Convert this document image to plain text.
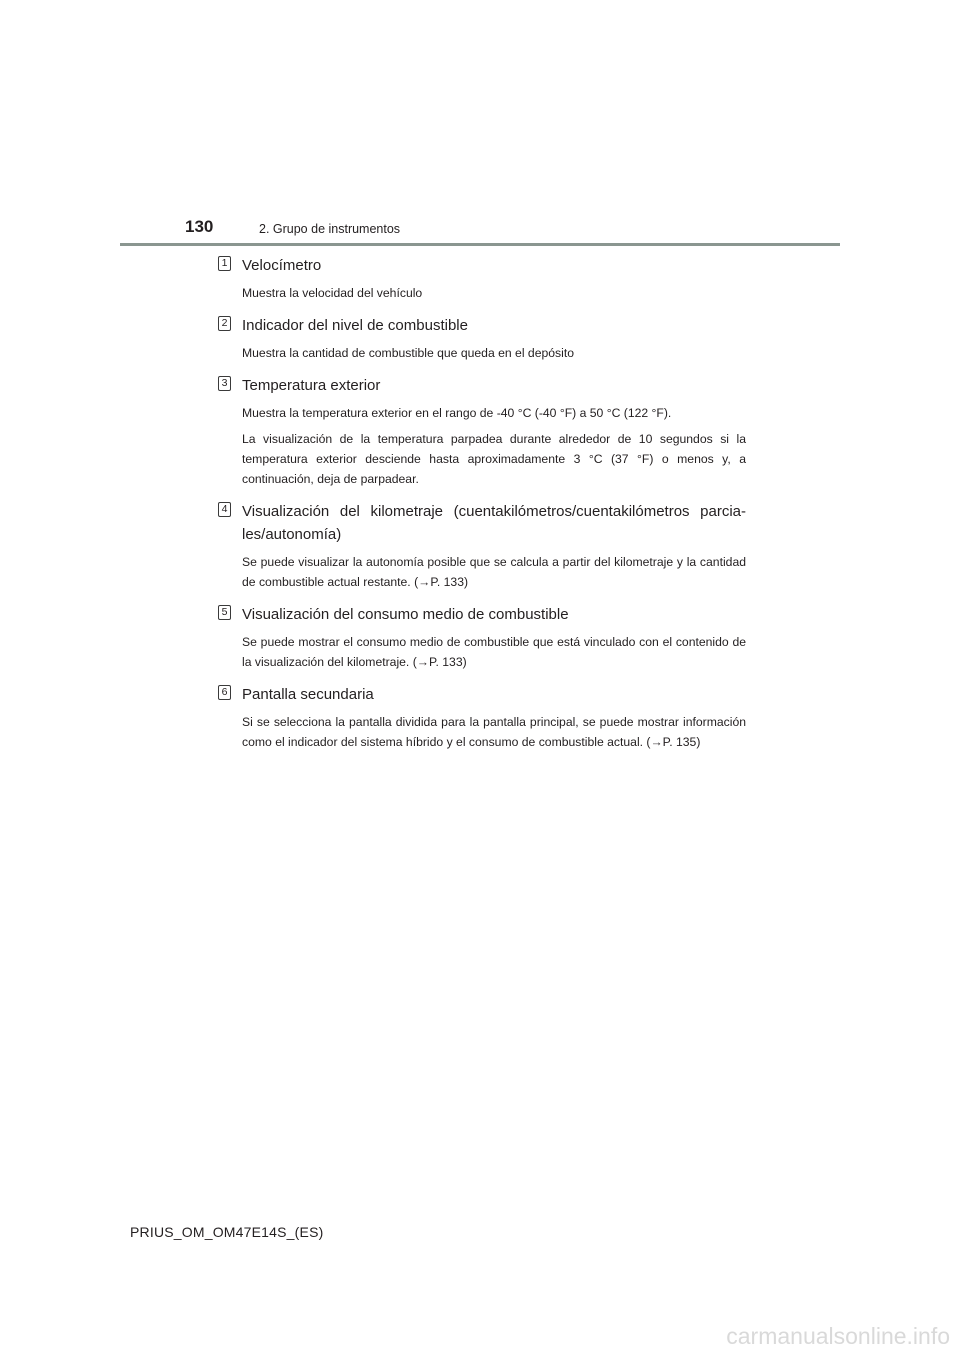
130	2. Grupo de instrumentos
1 Velocímetro
Muestra la velocidad del vehículo
2 Indicador del nivel de combustible
Muestra la cantidad de combustible que queda en el depósito
3 Temperatura exterior
Muestra la temperatura exterior en el rango de -40 °C (-40 °F) a 50 °C (122 °F).
La visualización de la temperatura parpadea durante alrededor de 10 segundos si la temperatura exterior desciende hasta aproximadamente 3 °C (37 °F) o menos y, a continuación, deja de parpadear.
4 Visualización del kilometraje (cuentakilómetros/cuentakilómetros parcia-les/autonomía)
Se puede visualizar la autonomía posible que se calcula a partir del kilometraje y la cantidad de combustible actual restante. (→P. 133)
5 Visualización del consumo medio de combustible
Se puede mostrar el consumo medio de combustible que está vinculado con el contenido de la visualización del kilometraje. (→P. 133)
6 Pantalla secundaria
Si se selecciona la pantalla dividida para la pantalla principal, se puede mostrar información como el indicador del sistema híbrido y el consumo de combustible actual. (→P. 135)
PRIUS_OM_OM47E14S_(ES)
carmanualsonline.info
